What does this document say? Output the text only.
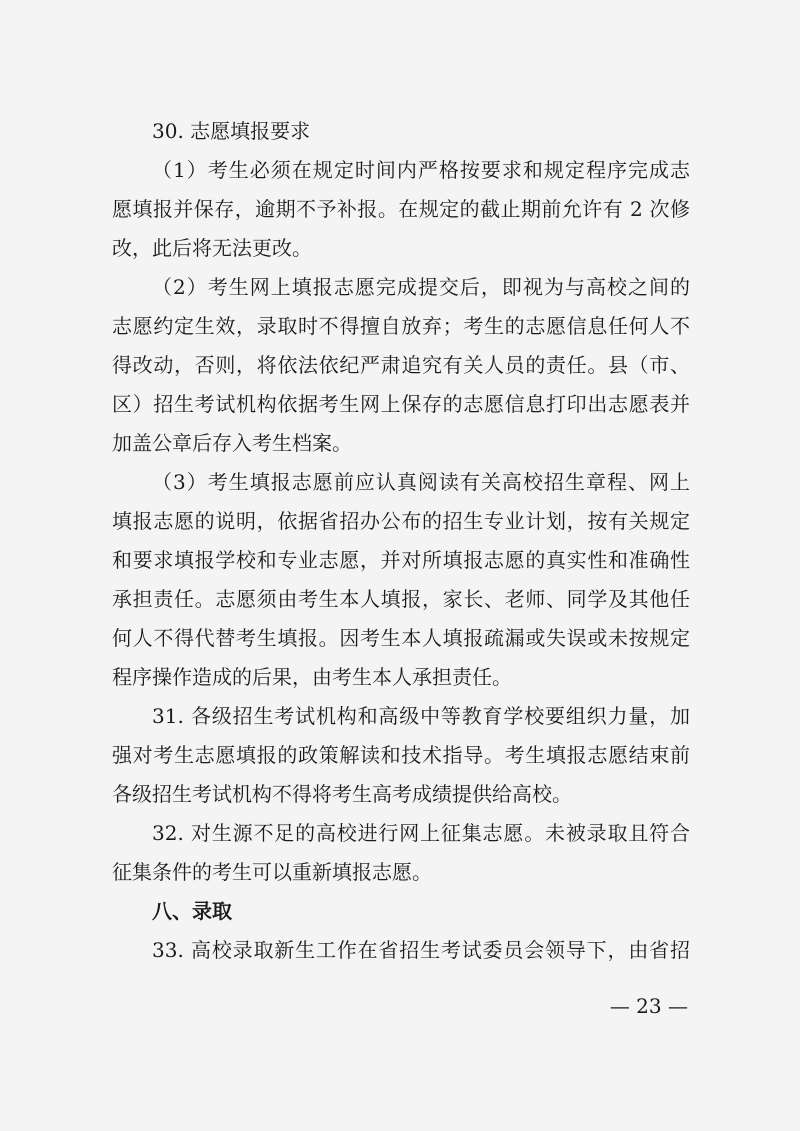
30. 志愿填报要求
（1）考生必须在规定时间内严格按要求和规定程序完成志
愿填报并保存，逾期不予补报。在规定的截止期前允许有 2 次修
改，此后将无法更改。
（2）考生网上填报志愿完成提交后，即视为与高校之间的
志愿约定生效，录取时不得擅自放弃；考生的志愿信息任何人不
得改动，否则，将依法依纪严肃追究有关人员的责任。县（市、
区）招生考试机构依据考生网上保存的志愿信息打印出志愿表并
加盖公章后存入考生档案。
（3）考生填报志愿前应认真阅读有关高校招生章程、网上
填报志愿的说明，依据省招办公布的招生专业计划，按有关规定
和要求填报学校和专业志愿，并对所填报志愿的真实性和准确性
承担责任。志愿须由考生本人填报，家长、老师、同学及其他任
何人不得代替考生填报。因考生本人填报疏漏或失误或未按规定
程序操作造成的后果，由考生本人承担责任。
31. 各级招生考试机构和高级中等教育学校要组织力量，加
强对考生志愿填报的政策解读和技术指导。考生填报志愿结束前
各级招生考试机构不得将考生高考成绩提供给高校。
32. 对生源不足的高校进行网上征集志愿。未被录取且符合
征集条件的考生可以重新填报志愿。
八、录取
33. 高校录取新生工作在省招生考试委员会领导下，由省招
— 23 —
